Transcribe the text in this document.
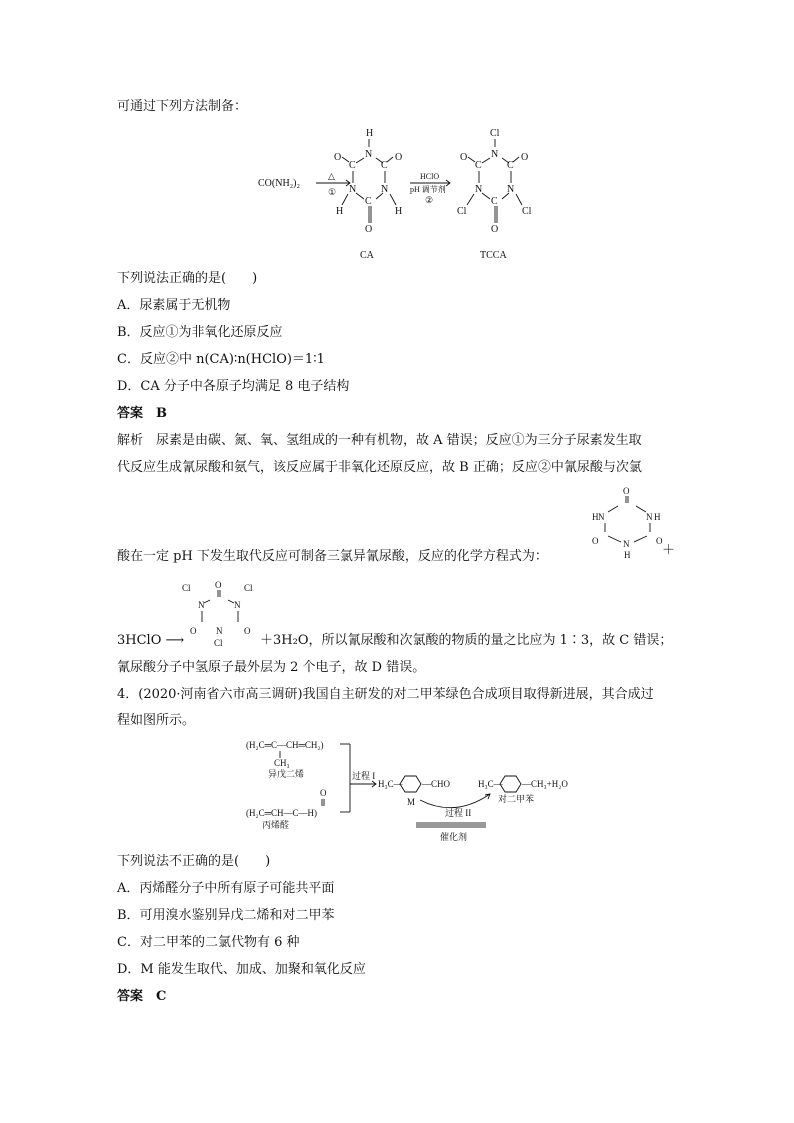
可通过下列方法制备：
CO(NH₂)₂
△
①
H
N
C	C
O	O
N N
C
H	H
O
CA
HClO
pH 调节剂
②
Cl
N
C	C
O	O
N N
C
Cl	Cl
O
TCCA
下列说法正确的是(　　)
A．尿素属于无机物
B．反应①为非氧化还原反应
C．反应②中 n(CA)∶n(HClO)＝1∶1
D．CA 分子中各原子均满足 8 电子结构
答案　B
解析　尿素是由碳、氮、氧、氢组成的一种有机物，故 A 错误；反应①为三分子尿素发生取
代反应生成氰尿酸和氨气，该反应属于非氧化还原反应，故 B 正确；反应②中氰尿酸与次氯
酸在一定 pH 下发生取代反应可制备三氯异氰尿酸，反应的化学方程式为：
O
N
H	N H
O	O
N
H ＋
O
Cl	Cl
N	N
O	O
N
Cl
3HClO ⟶	＋3H₂O，所以氰尿酸和次氯酸的物质的量之比应为 1∶3，故 C 错误；
氰尿酸分子中氢原子最外层为 2 个电子，故 D 错误。
4．(2020·河南省六市高三调研)我国自主研发的对二甲苯绿色合成项目取得新进展，其合成过
程如图所示。
(H₂C═C—CH═CH₂)
CH₃
异戊二烯
O
(H₂C═CH—C—H)
丙烯醛
过程 I
H₃C— —CHO
M
H₃C— —CH₃+H₂O
对二甲苯
过程 II
催化剂
下列说法不正确的是(　　)
A．丙烯醛分子中所有原子可能共平面
B．可用溴水鉴别异戊二烯和对二甲苯
C．对二甲苯的二氯代物有 6 种
D．M 能发生取代、加成、加聚和氧化反应
答案　C
